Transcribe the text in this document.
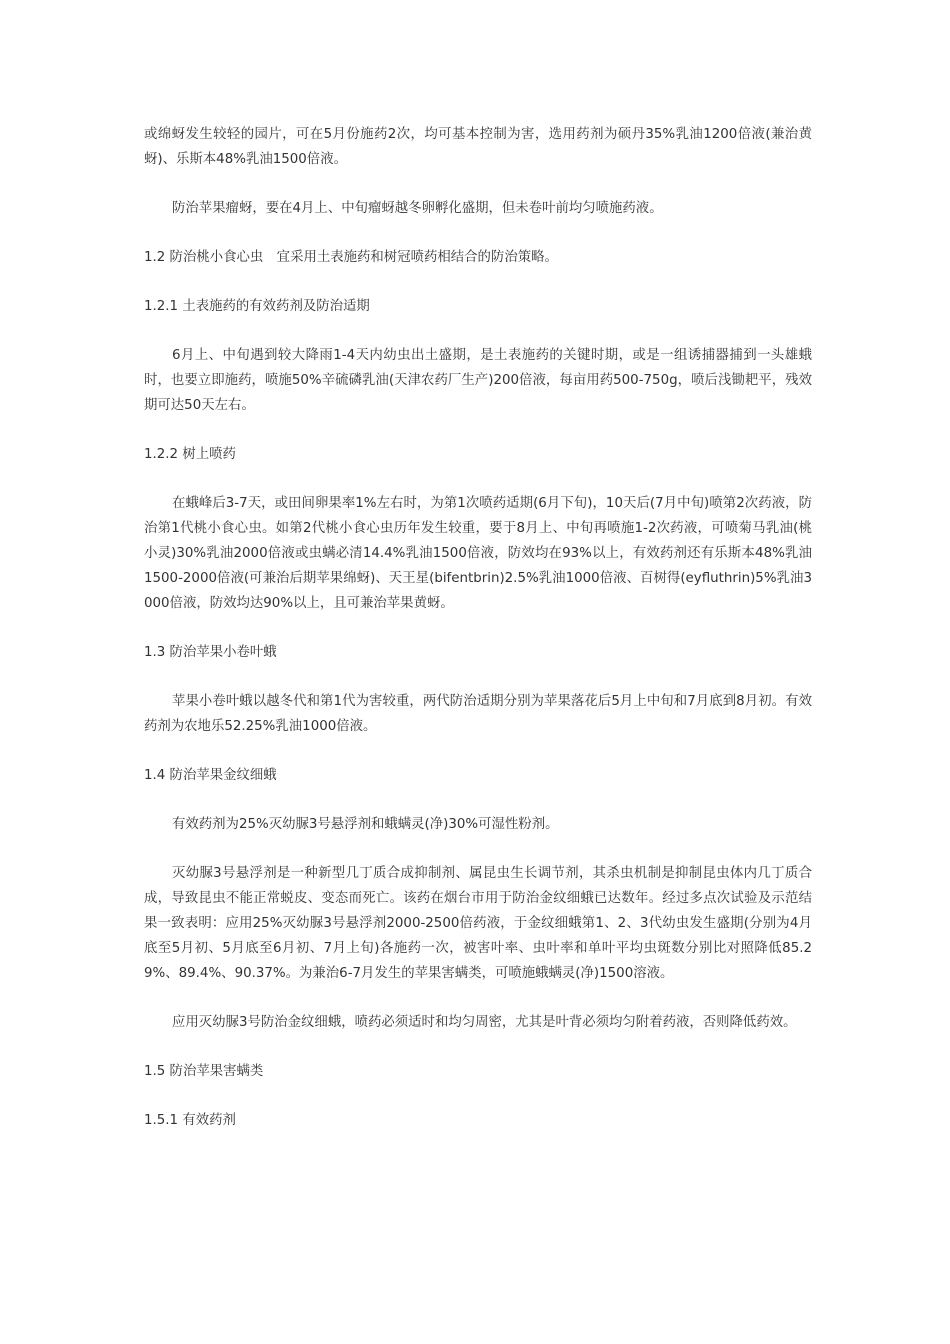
或绵蚜发生较轻的园片，可在5月份施药2次，均可基本控制为害，选用药剂为硕丹35%乳油1200倍液(兼治黄蚜)、乐斯本48%乳油1500倍液。

防治苹果瘤蚜，要在4月上、中旬瘤蚜越冬卵孵化盛期，但未卷叶前均匀喷施药液。

1.2 防治桃小食心虫　宜采用土表施药和树冠喷药相结合的防治策略。

1.2.1 土表施药的有效药剂及防治适期

6月上、中旬遇到较大降雨1-4天内幼虫出土盛期，是土表施药的关键时期，或是一组诱捕器捕到一头雄蛾时，也要立即施药，喷施50%辛硫磷乳油(天津农药厂生产)200倍液，每亩用药500-750g，喷后浅锄耙平，残效期可达50天左右。

1.2.2 树上喷药

在蛾峰后3-7天，或田间卵果率1%左右时，为第1次喷药适期(6月下旬)，10天后(7月中旬)喷第2次药液，防治第1代桃小食心虫。如第2代桃小食心虫历年发生较重，要于8月上、中旬再喷施1-2次药液，可喷菊马乳油(桃小灵)30%乳油2000倍液或虫螨必清14.4%乳油1500倍液，防效均在93%以上，有效药剂还有乐斯本48%乳油1500-2000倍液(可兼治后期苹果绵蚜)、天王星(bifentbrin)2.5%乳油1000倍液、百树得(eyfluthrin)5%乳油3000倍液，防效均达90%以上，且可兼治苹果黄蚜。

1.3 防治苹果小卷叶蛾

苹果小卷叶蛾以越冬代和第1代为害较重，两代防治适期分别为苹果落花后5月上中旬和7月底到8月初。有效药剂为农地乐52.25%乳油1000倍液。

1.4 防治苹果金纹细蛾

有效药剂为25%灭幼脲3号悬浮剂和蛾螨灵(净)30%可湿性粉剂。

灭幼脲3号悬浮剂是一种新型几丁质合成抑制剂、属昆虫生长调节剂，其杀虫机制是抑制昆虫体内几丁质合成，导致昆虫不能正常蜕皮、变态而死亡。该药在烟台市用于防治金纹细蛾已达数年。经过多点次试验及示范结果一致表明：应用25%灭幼脲3号悬浮剂2000-2500倍药液，于金纹细蛾第1、2、3代幼虫发生盛期(分别为4月底至5月初、5月底至6月初、7月上旬)各施药一次，被害叶率、虫叶率和单叶平均虫斑数分别比对照降低85.29%、89.4%、90.37%。为兼治6-7月发生的苹果害螨类，可喷施蛾螨灵(净)1500溶液。

应用灭幼脲3号防治金纹细蛾，喷药必须适时和均匀周密，尤其是叶背必须均匀附着药液，否则降低药效。

1.5 防治苹果害螨类

1.5.1 有效药剂
